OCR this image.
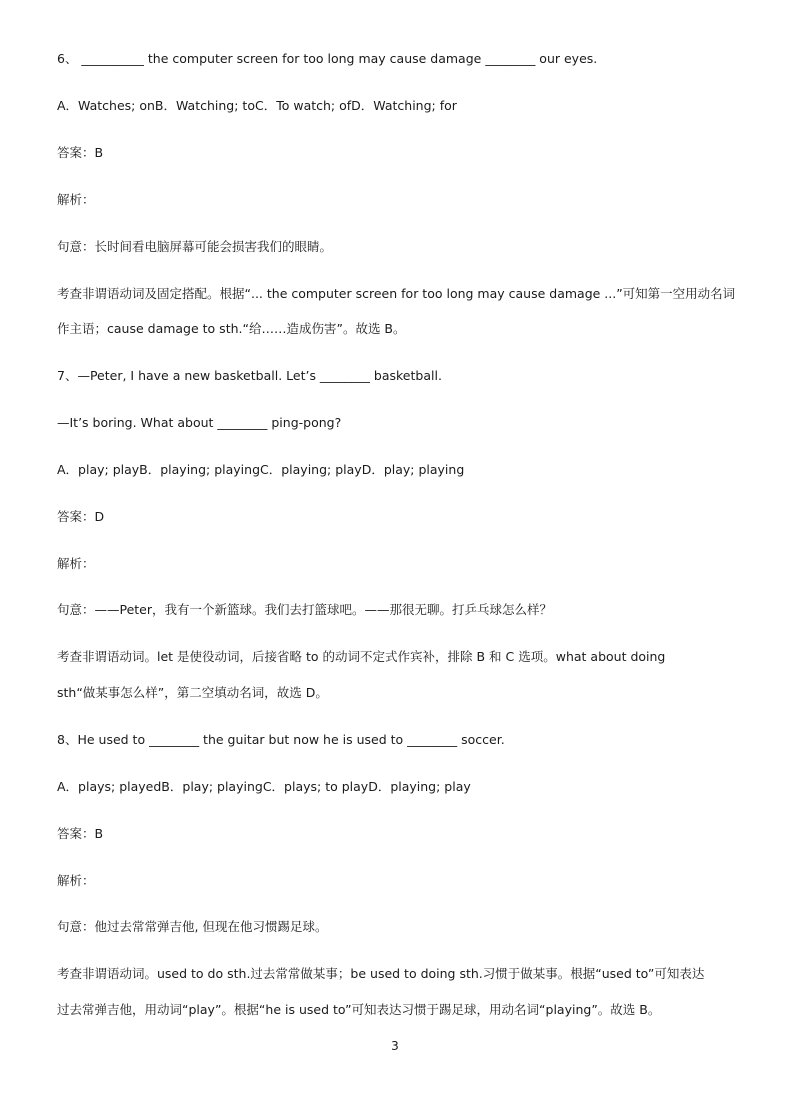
6、 __________ the computer screen for too long may cause damage ________ our eyes.
A．Watches; onB．Watching; toC．To watch; ofD．Watching; for
答案：B
解析：
句意：长时间看电脑屏幕可能会损害我们的眼睛。
考查非谓语动词及固定搭配。根据“... the computer screen for too long may cause damage ...”可知第一空用动名词
作主语；cause damage to sth.“给……造成伤害”。故选 B。
7、—Peter, I have a new basketball. Let’s ________ basketball.
—It’s boring. What about ________ ping-pong?
A．play; playB．playing; playingC．playing; playD．play; playing
答案：D
解析：
句意：——Peter，我有一个新篮球。我们去打篮球吧。——那很无聊。打乒乓球怎么样？
考查非谓语动词。let 是使役动词，后接省略 to 的动词不定式作宾补，排除 B 和 C 选项。what about doing
sth“做某事怎么样”，第二空填动名词，故选 D。
8、He used to ________ the guitar but now he is used to ________ soccer.
A．plays; playedB．play; playingC．plays; to playD．playing; play
答案：B
解析：
句意：他过去常常弹吉他, 但现在他习惯踢足球。
考查非谓语动词。used to do sth.过去常常做某事；be used to doing sth.习惯于做某事。根据“used to”可知表达
过去常弹吉他，用动词“play”。根据“he is used to”可知表达习惯于踢足球，用动名词“playing”。故选 B。
3
